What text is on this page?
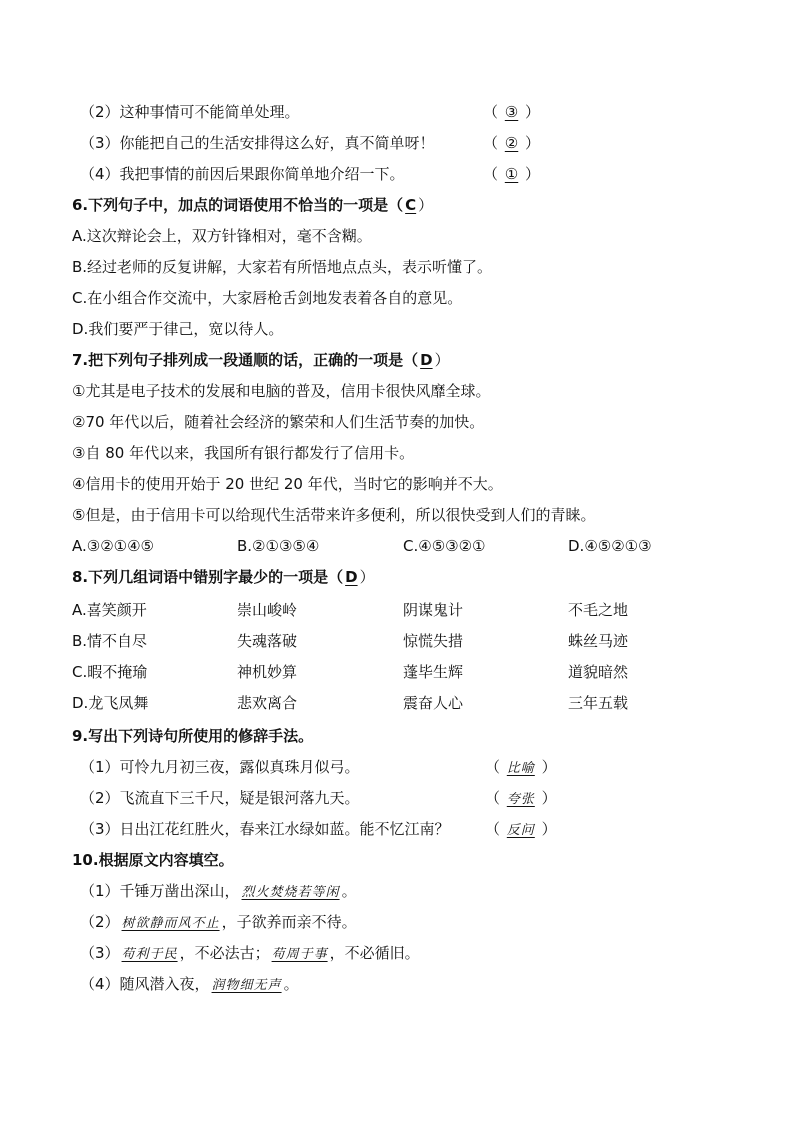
（2）这种事情可不能简单处理。	（ ③ ）
（3）你能把自己的生活安排得这么好，真不简单呀！	（ ② ）
（4）我把事情的前因后果跟你简单地介绍一下。	（ ① ）
6.下列句子中，加点的词语使用不恰当的一项是（ C ）
A.这次辩论会上，双方针锋相对，毫不含糊。
B.经过老师的反复讲解，大家若有所悟地点点头，表示听懂了。
C.在小组合作交流中，大家唇枪舌剑地发表着各自的意见。
D.我们要严于律己，宽以待人。
7.把下列句子排列成一段通顺的话，正确的一项是（ D ）
①尤其是电子技术的发展和电脑的普及，信用卡很快风靡全球。
②70 年代以后，随着社会经济的繁荣和人们生活节奏的加快。
③自 80 年代以来，我国所有银行都发行了信用卡。
④信用卡的使用开始于 20 世纪 20 年代，当时它的影响并不大。
⑤但是，由于信用卡可以给现代生活带来许多便利，所以很快受到人们的青睐。
A.③②①④⑤	B.②①③⑤④	C.④⑤③②①	D.④⑤②①③
8.下列几组词语中错别字最少的一项是（ D ）
A.喜笑颜开	崇山峻岭	阴谋鬼计	不毛之地
B.情不自尽	失魂落破	惊慌失措	蛛丝马迹
C.暇不掩瑜	神机妙算	蓬毕生辉	道貌暗然
D.龙飞凤舞	悲欢离合	震奋人心	三年五载
9.写出下列诗句所使用的修辞手法。
（1）可怜九月初三夜，露似真珠月似弓。	（ 比喻 ）
（2）飞流直下三千尺，疑是银河落九天。	（ 夸张 ）
（3）日出江花红胜火，春来江水绿如蓝。能不忆江南？ （ 反问 ）
10.根据原文内容填空。
（1）千锤万凿出深山， 烈火焚烧若等闲 。
（2） 树欲静而风不止 ，子欲养而亲不待。
（3） 苟利于民 ，不必法古； 苟周于事 ，不必循旧。
（4）随风潜入夜， 润物细无声 。
